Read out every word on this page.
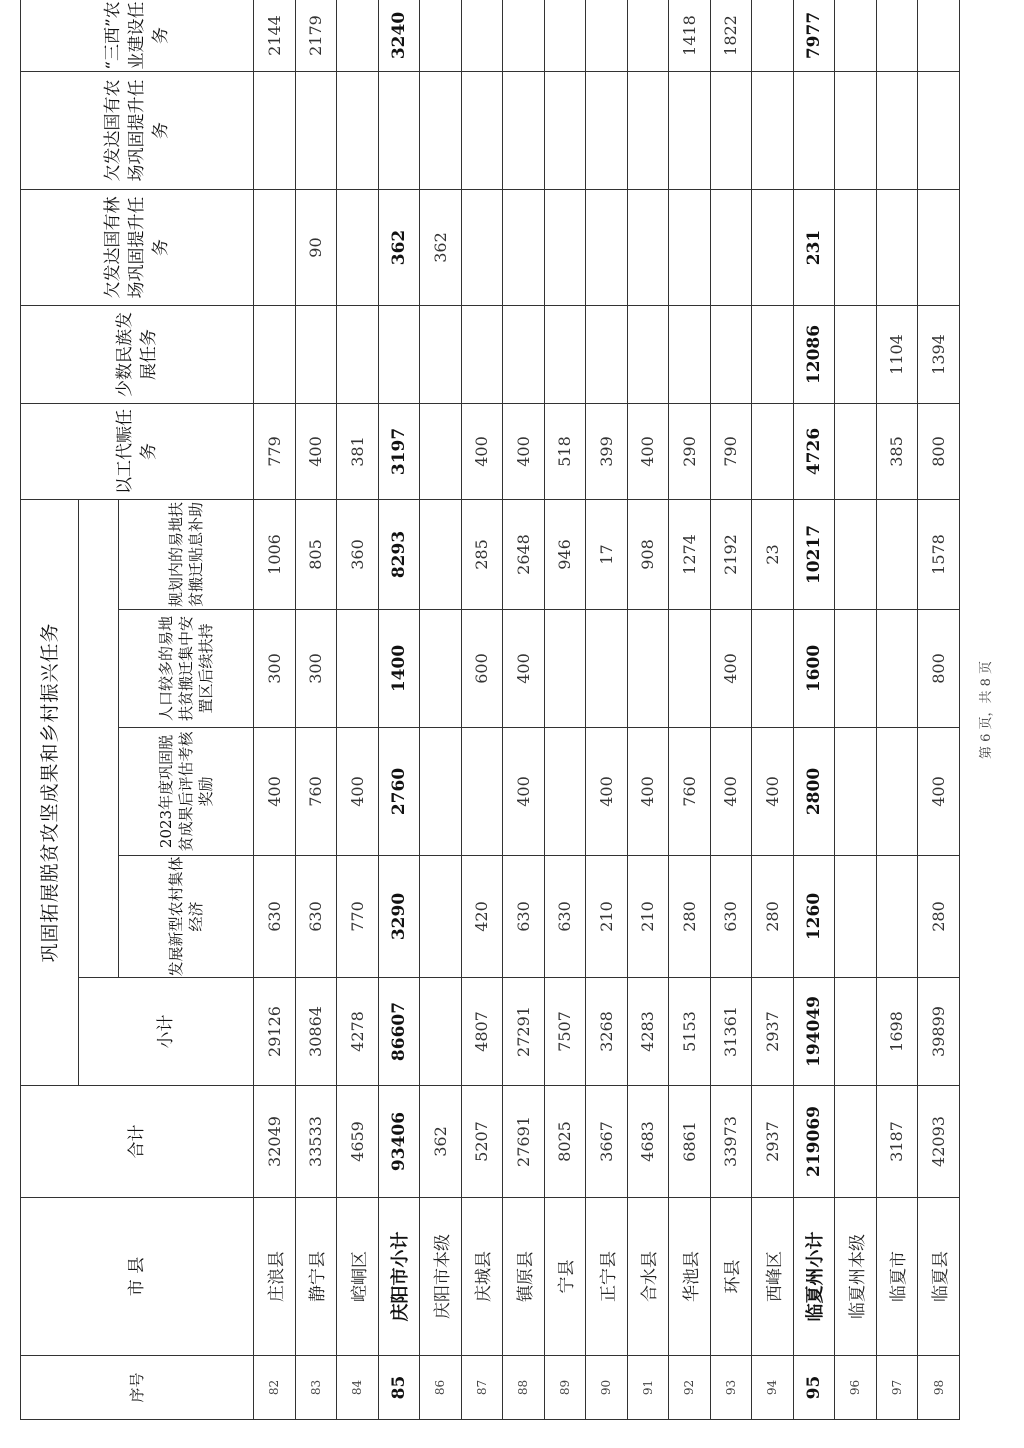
序号	市 县	合计	巩固拓展脱贫攻坚成果和乡村振兴任务					以工代赈任务	少数民族发展任务	欠发达国有林场巩固提升任务	欠发达国有农场巩固提升任务	“三西”农业建设任务
			小计									
				发展新型农村集体经济	2023年度巩固脱贫成果后评估考核奖励	人口较多的易地扶贫搬迁集中安置区后续扶持	规划内的易地扶贫搬迁贴息补助					
82	庄浪县	32049	29126	630	400	300	1006	779				2144
83	静宁县	33533	30864	630	760	300	805	400		90		2179
84	崆峒区	4659	4278	770	400		360	381				
85	庆阳市小计	93406	86607	3290	2760	1400	8293	3197		362		3240
86	庆阳市本级	362								362		
87	庆城县	5207	4807	420		600	285	400				
88	镇原县	27691	27291	630	400	400	2648	400				
89	宁县	8025	7507	630			946	518				
90	正宁县	3667	3268	210	400		17	399				
91	合水县	4683	4283	210	400		908	400				
92	华池县	6861	5153	280	760		1274	290				1418
93	环县	33973	31361	630	400	400	2192	790				1822
94	西峰区	2937	2937	280	400		23					
95	临夏州小计	219069	194049	1260	2800	1600	10217	4726	12086	231		7977
96	临夏州本级											
97	临夏市	3187	1698					385	1104			
98	临夏县	42093	39899	280	400	800	1578	800	1394			
第 6 页，共 8 页
